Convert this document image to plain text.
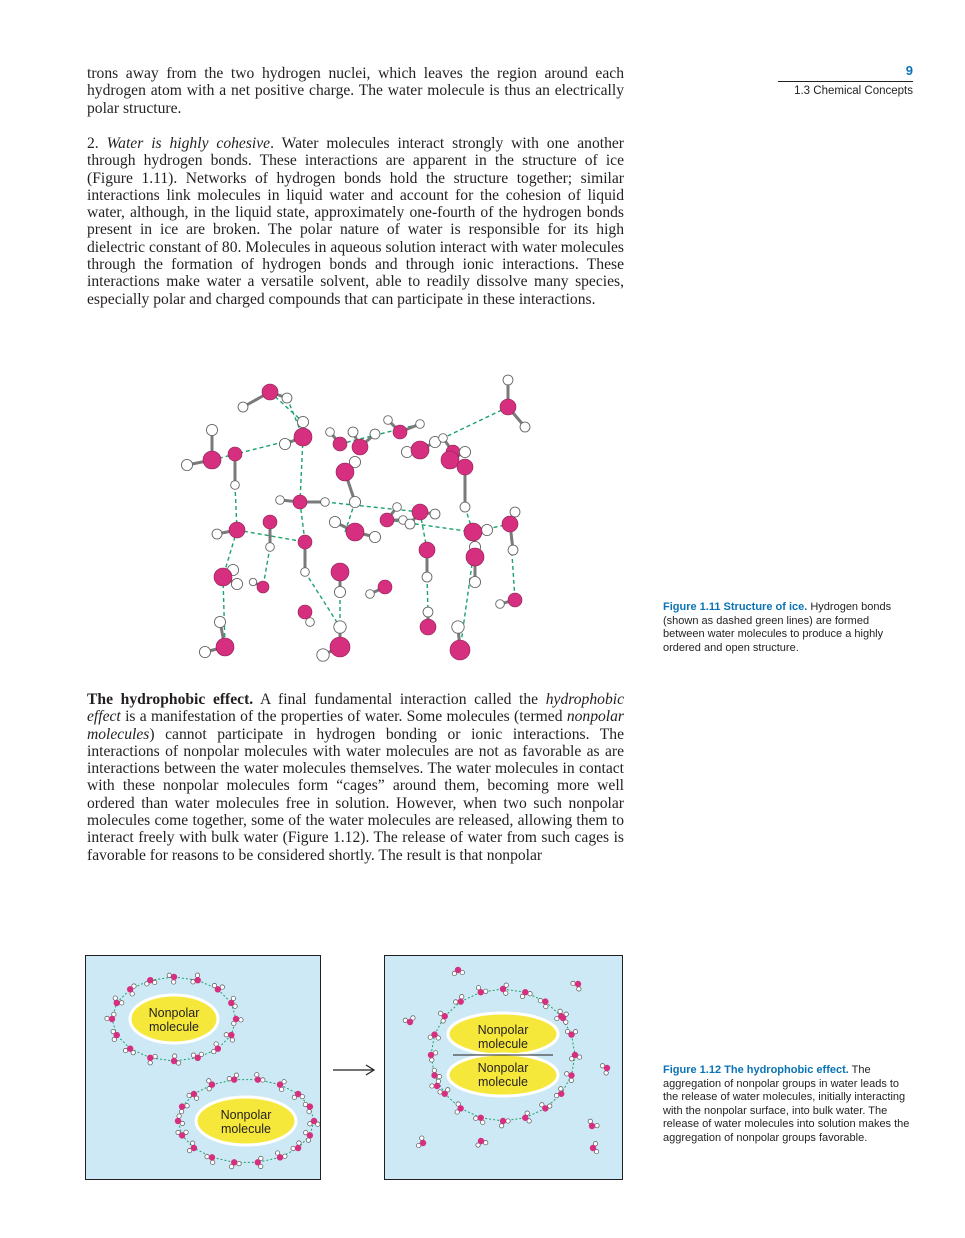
9
1.3 Chemical Concepts

trons away from the two hydrogen nuclei, which leaves the region around each hydrogen atom with a net positive charge. The water molecule is thus an electrically polar structure.

2. Water is highly cohesive. Water molecules interact strongly with one another through hydrogen bonds. These interactions are apparent in the structure of ice (Figure 1.11). Networks of hydrogen bonds hold the structure together; similar interactions link molecules in liquid water and account for the cohesion of liquid water, although, in the liquid state, approximately one-fourth of the hydrogen bonds present in ice are broken. The polar nature of water is responsible for its high dielectric constant of 80. Molecules in aqueous solution interact with water molecules through the formation of hydrogen bonds and through ionic interactions. These interactions make water a versatile solvent, able to readily dissolve many species, especially polar and charged compounds that can participate in these interactions.

Figure 1.11 Structure of ice. Hydrogen bonds (shown as dashed green lines) are formed between water molecules to produce a highly ordered and open structure.

The hydrophobic effect. A final fundamental interaction called the hydrophobic effect is a manifestation of the properties of water. Some molecules (termed nonpolar molecules) cannot participate in hydrogen bonding or ionic interactions. The interactions of nonpolar molecules with water molecules are not as favorable as are interactions between the water molecules themselves. The water molecules in contact with these nonpolar molecules form “cages” around them, becoming more well ordered than water molecules free in solution. However, when two such nonpolar molecules come together, some of the water molecules are released, allowing them to interact freely with bulk water (Figure 1.12). The release of water from such cages is favorable for reasons to be considered shortly. The result is that nonpolar

Nonpolar
molecule
Nonpolar
molecule
Nonpolar
molecule
Nonpolar
molecule
Figure 1.12 The hydrophobic effect. The aggregation of nonpolar groups in water leads to the release of water molecules, initially interacting with the nonpolar surface, into bulk water. The release of water molecules into solution makes the aggregation of nonpolar groups favorable.
